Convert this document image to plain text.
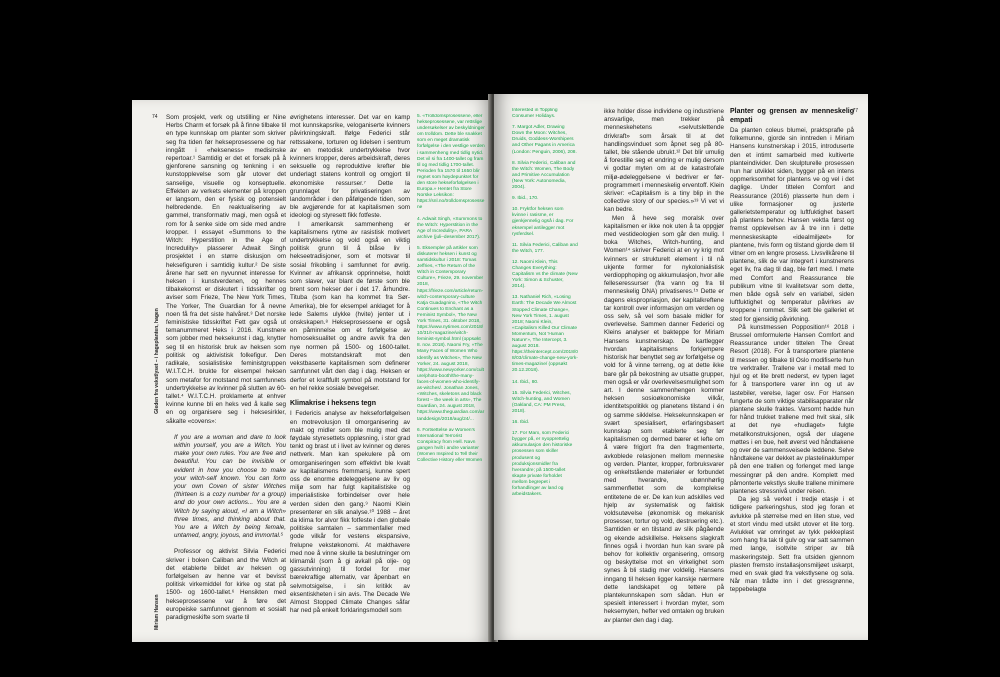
74
Miriam Hansen                                                                                                                                  Gleden fra vekstlyset – i hageplanten, hagen

Som prosjekt, verk og utstilling er Nine Herbs Charm et forsøk på å finne tilbake til en type kunnskap om planter som skriver seg fra tiden før hekseprosessene og har inngått i «hekseness» medisinske repertoar.¹ Samtidig er det et forsøk på å gjenforene sansning og tenkning i en kunstopplevelse som går utover det sanselige, visuelle og konseptuelle. Effekten av verkets elementer på kroppen er langsom, den er fysisk og potensielt helbredende. En reaktualisering av gammel, transformativ magi, men også et rom for å senke side om side med andre kropper. I essayet «Summons to the Witch: Hyperstition in the Age of Incredulity» plasserer Adwait Singh prosjektet i en større diskusjon om heksefiguren i samtidig kultur.² De siste årene har sett en nyvunnet interesse for heksen i kunstverdenen, og hennes tilbakekomst er diskutert i tidsskrifter og aviser som Frieze, The New York Times, The Yorker, The Guardian for å nevne noen få fra det siste halvåret.³ Det norske feministiske tidsskriftet Fett gav også ut temanummeret Heks i 2016. Kunstnere som jobber med heksekunst i dag, knytter seg til en historisk bruk av heksen som politisk og aktivistisk folkefigur. Den radikale, sosialistiske feministgruppen W.I.T.C.H. brukte for eksempel heksen som metafor for motstand mot samfunnets undertrykkelse av kvinner på slutten av 60-tallet.⁴ W.I.T.C.H. proklamerte at enhver kvinne kunne bli en heks ved å kalle seg en og organisere seg i heksesirkler, såkalte «covens»:

If you are a woman and dare to look within yourself, you are a Witch. You make your own rules. You are free and beautiful. You can be invisible or evident in how you choose to make your witch-self known. You can form your own Coven of sister Witches (thirteen is a cozy number for a group) and do your own actions... You are a Witch by saying aloud, «I am a Witch» three times, and thinking about that. You are a Witch by being female, untamed, angry, joyous, and immortal.⁵

Professor og aktivist Silvia Federici skriver i boken Caliban and the Witch at det etablerte bildet av heksen og forfølgelsen av henne var et bevisst politisk virkemiddel for kirke og stat på 1500- og 1600-tallet.⁶ Hensikten med hekseprosessene var å føre det europeiske samfunnet gjennom et sosialt paradigmeskifte som svarte til

øvrighetens interesser. Det var en kamp mot kunnskapsrike, veloganiserte kvinners påvirkningskraft. Ifølge Federici står rettssakene, torturen og lidelsen i sentrum av en metodisk undertrykkelse hvor kvinners kropper, deres arbeidskraft, deres seksuelle og reproduktive krefter ble underlagt statens kontroll og omgjort til økonomiske ressurser.⁷ Dette la grunnlaget for privatiseringen av landområder i den påfølgende tiden, som ble avgjørende for at kapitalismen som ideologi og styresett fikk fotfeste.

I amerikansk sammenheng er kapitalismens rytme av rasistisk motivert undertrykkelse og vold også en viktig politisk grunn til å blåse liv i hekseetradisjoner, som et motsvar til sosial frikobling i samfunnet for øvrig. Kvinner av afrikansk opprinnelse, holdt som slaver, var blant de første som ble brent som hekser der i det 17. århundre. Tituba (som kan ha kommet fra Sør-Amerika), ble for eksempel anklaget for å lede Salems ulykke (hvite) jenter ut i onskskapen.⁸ Hekseprosessene er også en påminnelse om et forfølgelse av homoseksualitet og andre avvik fra den nye normen på 1500- og 1600-tallet. Deres motstandskraft mot den vekstbaserte kapitalismen som definerer samfunnet vårt den dag i dag. Heksen er derfor et kraftfullt symbol på motstand for en hel rekke sosiale bevegelser.

Klimakrise i heksens tegn

I Federicis analyse av hekseforfølgelsen en motrevolusjon til omorganisering av makt og midler som ble mulig med det føydale styresettets oppløsning, i stor grad tenkt og brast ut i livet av kvinner og deres nettverk. Man kan spekulere på om omorganiseringen som effektivt ble kvalt av kapitalismens fremmarsj, kunne spert oss de enorme ødeleggelsene av liv og miljø som har fulgt kapitalistiske og imperialistiske forbindelser over hele verden siden den gang.⁹ Naomi Klein presenterer en slik analyse.¹⁰ 1988 – året da klima for alvor fikk fotfeste i den globale politiske samtalen – sammenfaller med gode vilkår for vestens ekspansive, frelupne vekstøkonomi. At makthavere med noe å vinne skulle ta beslutninger om klimamål (som å gi avkall på olje- og gassutvinning) til fordel for mer bærekraftige alternativ, var åpenbart en selvmotsigelse, i sin kritikk av eksentiskheten i sin avis. The Decade We Almost Stopped Climate Changes såfar har ned på enkelt forklaringsmodell som

5. «Trolldomsprosessene, eller hekseprosessene, var rettslige undersøkelser av beskyldninger om trolldom. Dette ble snakket som en meget dramatisk forfølgelse i den vestlige verden i sammenheng med tidlig nytid. Det vil si fra 1400-tallet og fram til og med tidlig 1700-tallet. Perioden fra 1570 til 1650 blir regnet som høydepunktet for den store hekseforfølgelsen i Europa.» Hentet fra Store Norske Leksikon: https://snl.no/trolldomsprosessene
4. Adwait Singh, «Summons to the Witch: Hyperstition in the Age of Incredulity», PARA archive (juli–desember 2017).
5. Eksempler på artikler som diskuterer heksen i kunst og samtidskultur i 2018: Tomas Jeffries, «The Return of the Witch in Contemporary Culture», Frieze, 29. november 2018, https://frieze.com/article/return-witch-contemporary-culture Katja Guadagnino, «The Witch Continues to Enchant as a Feminist Symbol», The New York Times, 31. oktober 2018, https://www.nytimes.com/2018/10/31/t-magazine/witch-feminist-symbol.html (oppsøkt 8. nov. 2018). Naomi Fry, «The Many Faces of Women Who Identify as Witches», The New Yorker, 24. august 2018, https://www.newyorker.com/culture/photo-booth/the-many-faces-of-women-who-identify-as-witches/. Jonathan Jones, «Witches, skeletons and black forest – the week in arts», The Guardian, 24. august 2018, https://www.theguardian.com/artanddesign/2018/aug/24/...
6. Fortsettelse av Women's International Terrorist Conspiracy from Hell. Navn gangen hvilt i andre varianter (Women Inspired to Tell their Collective History eller Women
77
Interested in Toppling Consumer Holidays.
7. Margot Adler, Drawing Down the Moon: Witches, Druids, Goddess-Worshipers and Other Pagans in America (London: Penguin, 2006), 208.
8. Silvia Federici, Caliban and the Witch: Women, The Body and Primitive Accumulation (New York: Autonomedia, 2004).
9. Ibid., 170.
10. Fryktfor heksen som kvinne i rasisme, er gjenkjennelig også i dag. For eksempel antilegger mot rysferdsel.
11. Silvia Federici, Caliban and the Witch, 177.
12. Naomi Klein, This Changes Everything: Capitalism vs the climate (New York: Simon & Schuster, 2014).
13. Nathaniel Rich, «Losing Earth: The Decade We Almost Stopped Climate Change», New York Times, 1. august 2018; Naomi Klein, «Capitalism Killed Our Climate Momentum, Not 'Human Nature'», The Intercept, 3. august 2018. https://theintercept.com/2018/08/03/climate-change-new-york-times-magazine/ (oppsøkt 20.12.2018).
14. Ibid., 80.
15. Silvia Federici, Witches, Witch-hunting, and Women (Oakland, CA: PM Press, 2018).
16. Ibid.
17. For Marx, som Federici bygger på, er nyopprettelig akkumulasjon den historiske prosessen som skiller produsent og produksjonsmidler fra hverandre; på 1500-tallet skapte private forholdet mellom begrepet i forhandlinger av land og arbeidstakers.

ikke holder disse individene og industriene ansvarlige, men trekker på menneskehetens «selvutslettende drivkraft» som årsak til at det handlingsvinduet som åpnet seg på 80-tallet, ble stående ubrukt.¹² Det blir umulig å forestille seg et endring er mulig dersom vi godtar myten om at de katastrofale miljø-ødeleggelsene vi bedriver er før-programmert i menneskelig erventoff. Klein skriver: «Capitalism is a tiny blip in the collective story of our species.»¹³ Vi vet vi kan bedre.

Men å heve seg moralsk over kapitalismen er ikke nok uten å ta oppgjør med vestideologien som går den mulig. I boka Witches, Witch-hunting, and Women¹⁴ skriver Federici at en vy krig mot kvinners er strukturelt element i til nå ukjente former for nykolonialistisk verdiopphoping og akkumulasjon, hvor alle felleseressurser (fra vann og fra til menneskelig DNA) privatiseres.¹⁵ Dette er dagens ekspropriasjon, der kapitalkreftene tar kontroll over informasjon om verden og oss selv, så vel som basale midler for overlevelse. Sammen danner Federici og Kleins analyser et bakteppe for Miriam Hansens kunstnerskap. De kartlegger hvordan kapitalismens forkjempere historisk har benyttet seg av forfølgelse og vold for å vinne terreng, og at dette ikke bare går på bekostning av utsatte grupper, men også er vår overlevelsesmulighet som art. I denne sammenhengen kommer heksen sosioøkonomiske vilkår, identitetspolitikk og planetens tilstand i én og samme sikklelse. Heksekunnskapen er svært spesialisert, erfaringsbasert kunnskap som etablerte seg før kapitalismen og dermed bærer et lefte om å være frigjort fra den fragmenterte, avkoblede relasjonen mellom menneske og verden. Planter, kropper, forbruksvarer og enkeltstående materialer er forbundet med hverandre, ubønnhørlig sammenflettet som de komplekse entitetene de er. De kan kun adskilles ved hjelp av systematisk og faktisk voldsutøvelse (økonomisk og mekanisk prosesser, tortur og vold, destruering etc.). Samtiden er en tilstand av slik pågående og ekende adskillelse. Heksens slagkraft finnes også i hvordan hun kan svare på behov for kollektiv organisering, omsorg og beskyttelse mot en virkelighet som synes å bli stadig mer voldelig. Hansens inngang til heksen ligger kanskje nærmere dette landskapet og tettere på plantekunnskapen som sådan. Hun er spesielt interessert i hvordan myter, som heksemyten, hefter ved omtalen og bruken av planter den dag i dag.

Planter og grensen av menneskelig empati

Da planten coleus blumei, praktsprafle på folkemunne, gjorde sin inntreden i Miriam Hansens kunstnerskap i 2015, introduserte den et intimt samarbeid med kultiverte planteindivider. Den skulpturelle prosessen hun har utviklet siden, bygger på en intens oppmerksomhet for plantens ve og vel i det daglige. Under tittelen Comfort and Reassurance (2016) plasserte hun dem i ulike formasjoner og justerte gallerietstemperatur og luftfuktighet basert på plantens behov. Hansen vektla først og fremst opplevelsen av å tre inn i dette menneskeskapte «idealmiljøet» for plantene, hvis form og tilstand gjorde dem til vitner om en lengre prosess. Livsvilkårene til plantene, slik de var integrert i kunstnerens eget liv, fra dag til dag, ble ført med. I møte med Comfort and Reassurance ble publikum vitne til kvalitetsvar som dette, men både også selv en variabel, siden luftfuktighet og temperatur påvirkes av kroppene i rommet. Slik sett ble galleriet et sted for gjensidig påvirkning.

På kunstmessen Popposition¹⁶ 2018 i Brussel omformulerte Hansen Comfort and Reassurance under tittelen The Great Resort (2018). For å transportere plantene til messen og tilbake til Oslo modifiserte hun tre verktraller. Trallene var i metall med to hjul og et lite brett nederst, ev typen laget for å transportere varer inn og ut av lastebiler, verelse, lager osv. For Hansen fungerte de som viktige stabilisapparater når plantene skulle fraktes. Varsomt hadde hun for hånd trukket trallene med hvit skai, slik at det nye «hudlaget» fulgte metallkonstruksjonen, også der ulagene møttes i en bue, helt øverst ved håndtakene og over de sammensveisede leddene. Selve håndtakene var dekket av plastelinaklumper på den ene trallen og forlenget med lange messingrør på den andre. Komplett med påmonterte vekstlys skulle trallene minimere plantenes stressnivå under reisen.

Da jeg så verket i tredje etasje i et tidligere parkeringshus, stod jeg foran et avlukke på størrelse med en liten stue, ved et stort vindu med utsikt utover et lite torg. Avlukket var omringet av tykk pekkeplast som hang fra tak til gulv og var satt sammen med lange, isoltvite striper av blå maskeringstejp. Sett fra utsiden gjennom plasten fremsto installasjonsmiljøet uskarpt, med en svak glød fra vekstlysene og sola. Når man trådte inn i det gressgrønne, teppebelagte
